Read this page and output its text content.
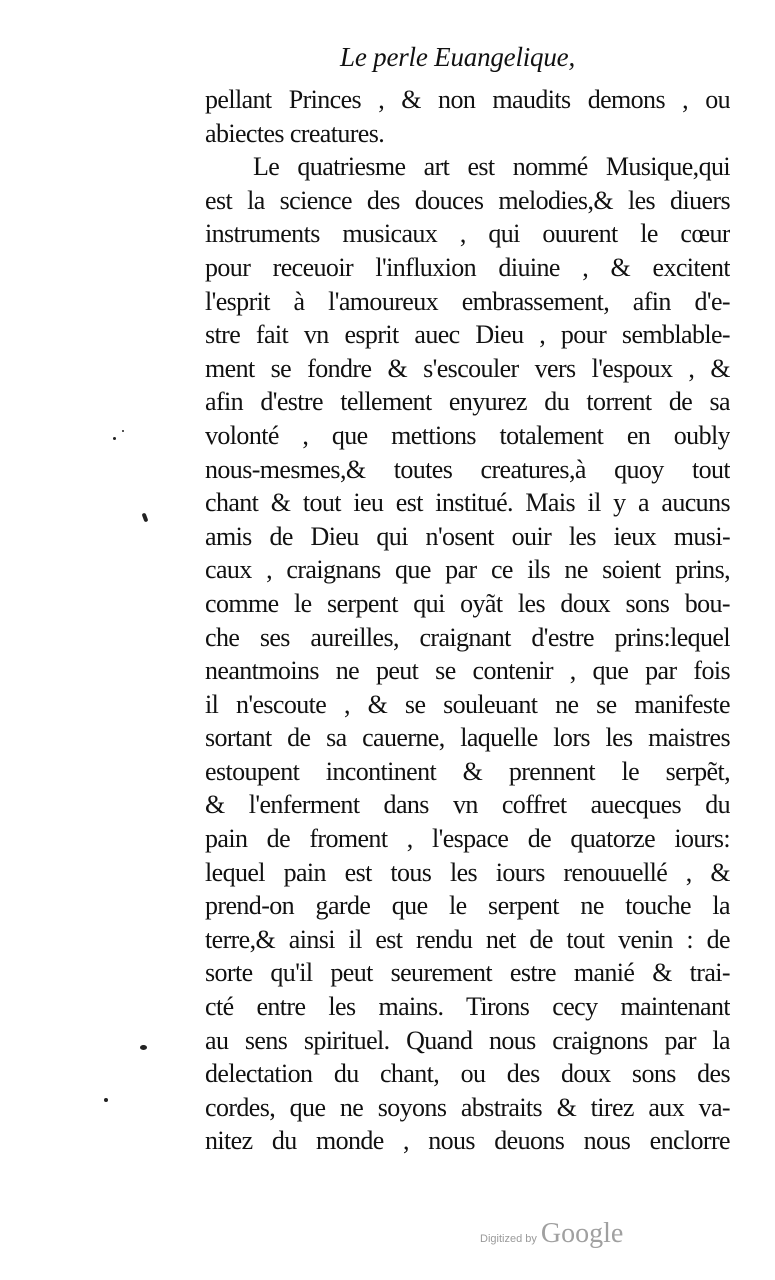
Le perle Euangelique,
pellant Princes , & non maudits demons , ou
abiectes creatures.
Le quatriesme art est nommé Musique,qui
est la science des douces melodies,& les diuers
instruments musicaux , qui ouurent le cœur
pour receuoir l'influxion diuine , & excitent
l'esprit à l'amoureux embrassement, afin d'e-
stre fait vn esprit auec Dieu , pour semblable-
ment se fondre & s'escouler vers l'espoux , &
afin d'estre tellement enyurez du torrent de sa
volonté , que mettions totalement en oubly
nous-mesmes,& toutes creatures,à quoy tout
chant & tout ieu est institué. Mais il y a aucuns
amis de Dieu qui n'osent ouir les ieux musi-
caux , craignans que par ce ils ne soient prins,
comme le serpent qui oyãt les doux sons bou-
che ses aureilles, craignant d'estre prins:lequel
neantmoins ne peut se contenir , que par fois
il n'escoute , & se souleuant ne se manifeste
sortant de sa cauerne, laquelle lors les maistres
estoupent incontinent & prennent le serpẽt,
& l'enferment dans vn coffret auecques du
pain de froment , l'espace de quatorze iours:
lequel pain est tous les iours renouuellé , &
prend-on garde que le serpent ne touche la
terre,& ainsi il est rendu net de tout venin : de
sorte qu'il peut seurement estre manié & trai-
cté entre les mains. Tirons cecy maintenant
au sens spirituel. Quand nous craignons par la
delectation du chant, ou des doux sons des
cordes, que ne soyons abstraits & tirez aux va-
nitez du monde , nous deuons nous enclorre
Digitized by Google
